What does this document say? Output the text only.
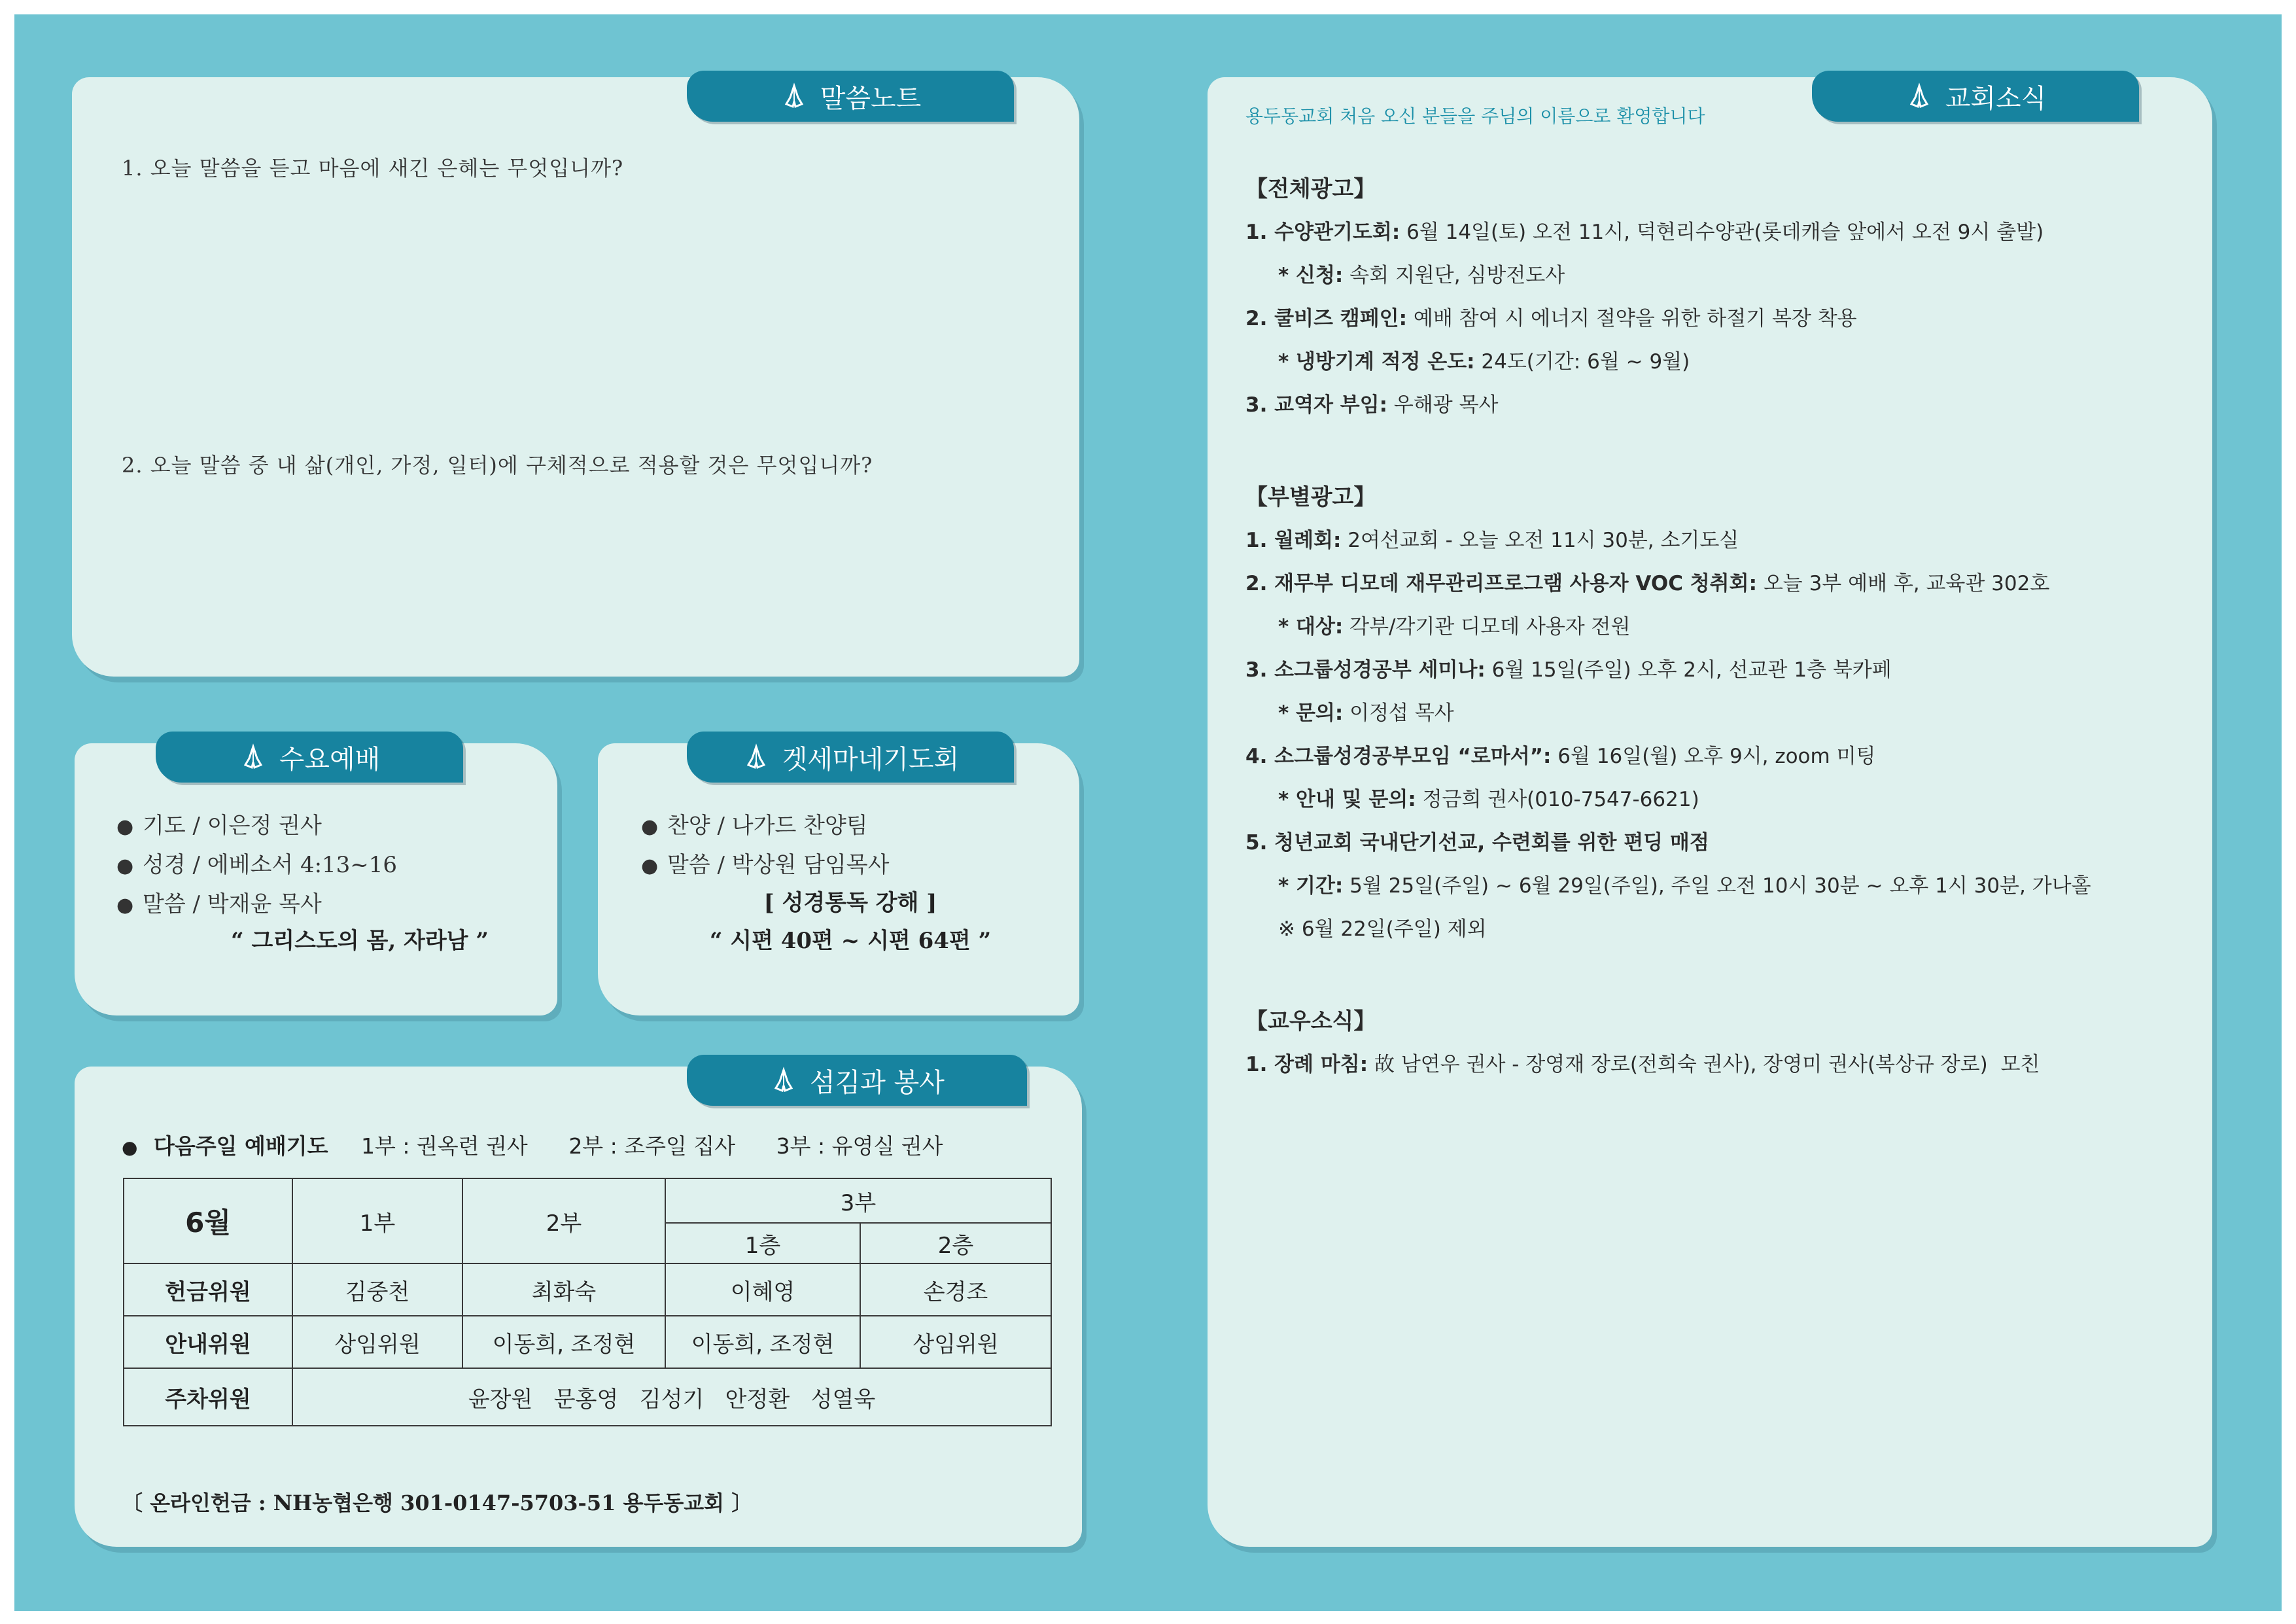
말씀노트
1. 오늘 말씀을 듣고 마음에 새긴 은혜는 무엇입니까?
2. 오늘 말씀 중 내 삶(개인, 가정, 일터)에 구체적으로 적용할 것은 무엇입니까?
수요예배
● 기도 / 이은정 권사
● 성경 / 에베소서 4:13~16
● 말씀 / 박재윤 목사
“ 그리스도의 몸, 자라남 ”
겟세마네기도회
● 찬양 / 나가드 찬양팀
● 말씀 / 박상원 담임목사
[ 성경통독 강해 ]
“ 시편 40편 ~ 시편 64편 ”
섬김과 봉사
● 다음주일 예배기도 1부 : 권옥련 권사 2부 : 조주일 집사 3부 : 유영실 권사
6월	1부	2부	3부	
			1층	2층
헌금위원	김중천	최화숙	이혜영	손경조
안내위원	상임위원	이동희, 조정현	이동희, 조정현	상임위원
주차위원	윤장원   문홍영   김성기   안정환   성열욱			
〔 온라인헌금 : NH농협은행 301-0147-5703-51 용두동교회 〕
교회소식
용두동교회 처음 오신 분들을 주님의 이름으로 환영합니다
【전체광고】
1. 수양관기도회: 6월 14일(토) 오전 11시, 덕현리수양관(롯데캐슬 앞에서 오전 9시 출발)
* 신청: 속회 지원단, 심방전도사
2. 쿨비즈 캠페인: 예배 참여 시 에너지 절약을 위한 하절기 복장 착용
* 냉방기계 적정 온도: 24도(기간: 6월 ~ 9월)
3. 교역자 부임: 우해광 목사
【부별광고】
1. 월례회: 2여선교회 - 오늘 오전 11시 30분, 소기도실
2. 재무부 디모데 재무관리프로그램 사용자 VOC 청취회: 오늘 3부 예배 후, 교육관 302호
* 대상: 각부/각기관 디모데 사용자 전원
3. 소그룹성경공부 세미나: 6월 15일(주일) 오후 2시, 선교관 1층 북카페
* 문의: 이정섭 목사
4. 소그룹성경공부모임 “로마서”: 6월 16일(월) 오후 9시, zoom 미팅
* 안내 및 문의: 정금희 권사(010-7547-6621)
5. 청년교회 국내단기선교, 수련회를 위한 편딩 매점
* 기간: 5월 25일(주일) ~ 6월 29일(주일), 주일 오전 10시 30분 ~ 오후 1시 30분, 가나홀
※ 6월 22일(주일) 제외
【교우소식】
1. 장례 마침: 故 남연우 권사 - 장영재 장로(전희숙 권사), 장영미 권사(복상규 장로)  모친
